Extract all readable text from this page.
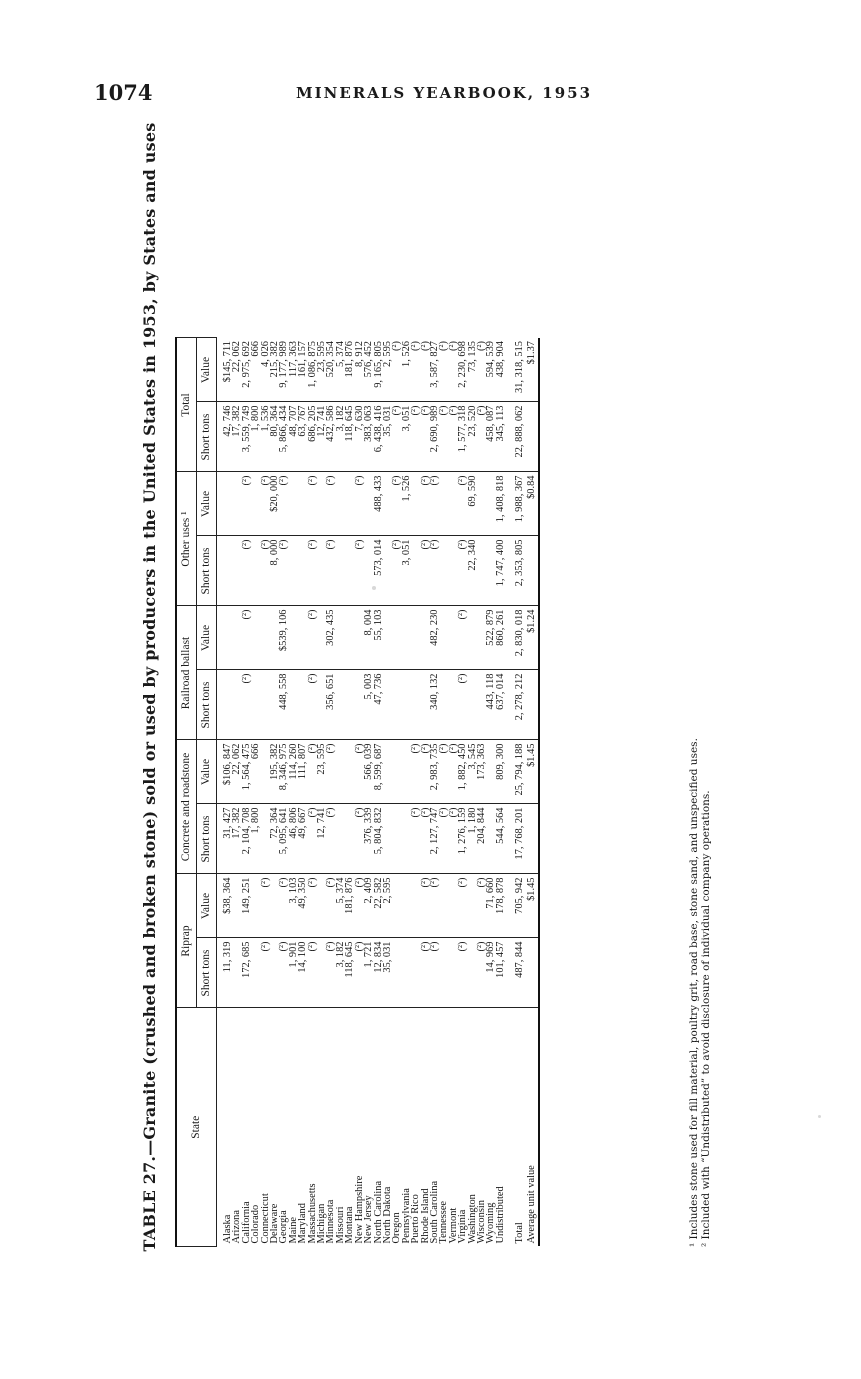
1074	MINERALS YEARBOOK, 1953
TABLE 27.—Granite (crushed and broken stone) sold or used by producers in the United States in 1953, by States and uses	State	Riprap		Concrete and roadstone		Railroad ballast		Other uses ¹		Total	
	Short tons	Value	Short tons	Value	Short tons	Value	Short tons	Value	Short tons	Value

Alaska	11, 319	$38, 364	31, 427	$106, 847					42, 746	$145, 711
Arizona			17, 382	22, 062					17, 382	22, 062
California	172, 685	149, 251	2, 104, 708	1, 564, 475	(²)	(²)	(²)	(²)	3, 559, 749	2, 975, 692
Colorado			1, 800	666					1, 800	666
Connecticut	(²)	(²)					(²)	(²)	1, 536	4, 026
Delaware			72, 364	195, 382			8, 000	$20, 000	80, 364	215, 382
Georgia	(²)	(²)	5, 095, 641	8, 346, 975	448, 558	$539, 106	(²)	(²)	5, 866, 434	9, 177, 989
Maine	1, 901	3, 103	46, 806	114, 260					48, 707	117, 363
Maryland	14, 100	49, 350	49, 667	111, 807					63, 767	161, 157
Massachusetts	(²)	(²)	(²)	(²)	(²)	(²)	(²)	(²)	686, 205	1, 086, 875
Michigan			12, 741	23, 595					12, 741	23, 595
Minnesota	(²)	(²)	(²)	(²)	356, 651	302, 435	(²)	(²)	432, 586	520, 354
Missouri	3, 182	5, 374							3, 182	5, 374
Montana	118, 645	181, 876							118, 645	181, 876
New Hampshire	(²)	(²)	(²)	(²)			(²)	(²)	7, 630	8, 912
New Jersey	1, 721	2, 409	376, 339	566, 039	5, 003	8, 004			383, 063	576, 452
North Carolina	12, 834	22, 582	5, 804, 832	8, 599, 687	47, 736	55, 103	573, 014	488, 433	6, 438, 416	9, 165, 805
North Dakota	35, 031	2, 595							35, 031	2, 595
Oregon							(²)	(²)	(²)	(²)
Pennsylvania							3, 051	1, 526	3, 051	1, 526
Puerto Rico			(²)	(²)					(²)	(²)
Rhode Island	(²)	(²)	(²)	(²)			(²)	(²)	(²)	(²)
South Carolina	(²)	(²)	2, 127, 747	2, 983, 735	340, 132	482, 230	(²)	(²)	2, 690, 989	3, 587, 827
Tennessee			(²)	(²)					(²)	(²)
Vermont			(²)	(²)					(²)	(²)
Virginia	(²)	(²)	1, 276, 159	1, 882, 450	(²)	(²)	(²)	(²)	1, 577, 318	2, 230, 698
Washington			1, 180	3, 545			22, 340	69, 590	23, 520	73, 135
Wisconsin	(²)	(²)	204, 844	173, 363					(²)	(²)
Wyoming	14, 969	71, 660			443, 118	522, 879			458, 087	594, 539
Undistributed	101, 457	178, 878	544, 564	809, 300	637, 014	860, 261	1, 747, 400	1, 408, 818	345, 113	438, 904
Total	487, 844	705, 942	17, 768, 201	25, 794, 188	2, 278, 212	2, 830, 018	2, 353, 805	1, 988, 367	22, 888, 062	31, 318, 515
Average unit value		$1.45		$1.45		$1.24		$0.84		$1.37

¹ Includes stone used for fill material, poultry grit, road base, stone sand, and unspecified uses. ² Included with “Undistributed” to avoid disclosure of individual company operations.
